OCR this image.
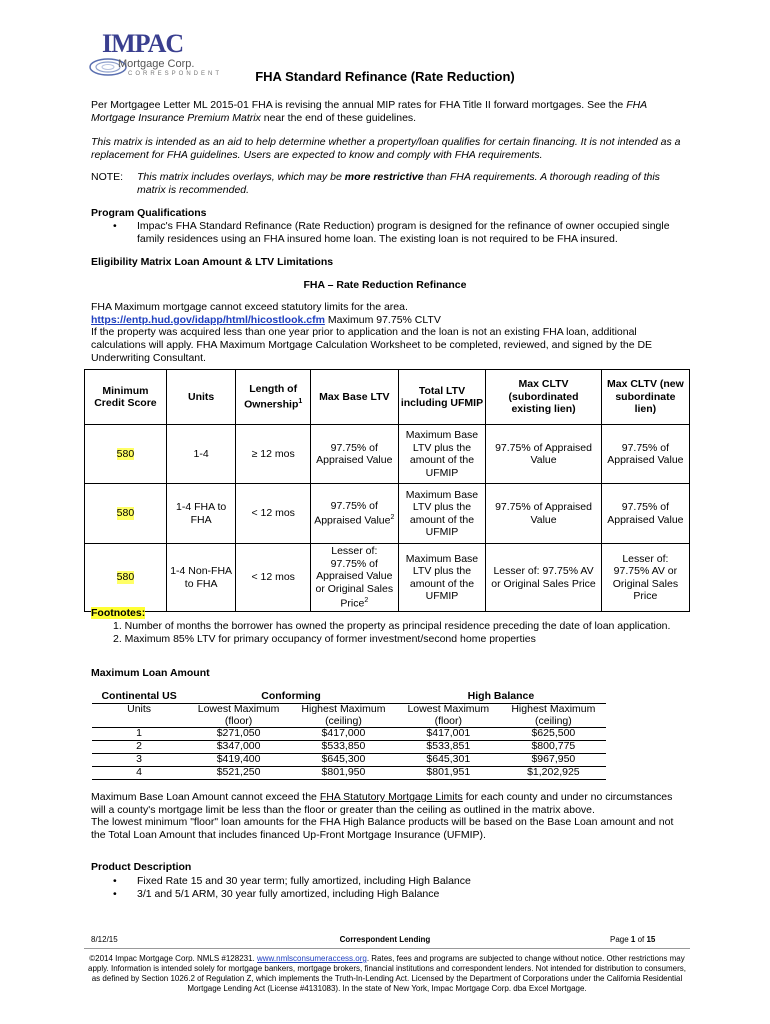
IMPAC
Mortgage Corp.
CORRESPONDENT	FHA Standard Refinance (Rate Reduction)
Per Mortgagee Letter ML 2015-01 FHA is revising the annual MIP rates for FHA Title II forward mortgages. See the FHA Mortgage Insurance Premium Matrix near the end of these guidelines.
This matrix is intended as an aid to help determine whether a property/loan qualifies for certain financing. It is not intended as a replacement for FHA guidelines. Users are expected to know and comply with FHA requirements.
NOTE: This matrix includes overlays, which may be more restrictive than FHA requirements. A thorough reading of this matrix is recommended.
Program Qualifications
• Impac's FHA Standard Refinance (Rate Reduction) program is designed for the refinance of owner occupied single family residences using an FHA insured home loan. The existing loan is not required to be FHA insured.
Eligibility Matrix Loan Amount & LTV Limitations
FHA – Rate Reduction Refinance
FHA Maximum mortgage cannot exceed statutory limits for the area.
https://entp.hud.gov/idapp/html/hicostlook.cfm Maximum 97.75% CLTV
If the property was acquired less than one year prior to application and the loan is not an existing FHA loan, additional calculations will apply. FHA Maximum Mortgage Calculation Worksheet to be completed, reviewed, and signed by the DE Underwriting Consultant.
Minimum Credit Score	Units	Length of Ownership$^1$	Max Base LTV	Total LTV including UFMIP	Max CLTV (subordinated existing lien)	Max CLTV (new subordinate lien)
580	1-4	≥ 12 mos	97.75% of Appraised Value	Maximum Base LTV plus the amount of the UFMIP	97.75% of Appraised Value	97.75% of Appraised Value
580	1-4 FHA to FHA	< 12 mos	97.75% of Appraised Value$^2$	Maximum Base LTV plus the amount of the UFMIP	97.75% of Appraised Value	97.75% of Appraised Value
580	1-4 Non-FHA to FHA	< 12 mos	Lesser of: 97.75% of Appraised Value or Original Sales Price$^2$	Maximum Base LTV plus the amount of the UFMIP	Lesser of: 97.75% AV or Original Sales Price	Lesser of: 97.75% AV or Original Sales Price
Footnotes:
1. Number of months the borrower has owned the property as principal residence preceding the date of loan application.
2. Maximum 85% LTV for primary occupancy of former investment/second home properties
Maximum Loan Amount
Continental US	Conforming		High Balance	
Units	Lowest Maximum (floor)	Highest Maximum (ceiling)	Lowest Maximum (floor)	Highest Maximum (ceiling)
1	$271,050	$417,000	$417,001	$625,500
2	$347,000	$533,850	$533,851	$800,775
3	$419,400	$645,300	$645,301	$967,950
4	$521,250	$801,950	$801,951	$1,202,925
Maximum Base Loan Amount cannot exceed the FHA Statutory Mortgage Limits for each county and under no circumstances will a county's mortgage limit be less than the floor or greater than the ceiling as outlined in the matrix above.
The lowest minimum "floor" loan amounts for the FHA High Balance products will be based on the Base Loan amount and not the Total Loan Amount that includes financed Up-Front Mortgage Insurance (UFMIP).
Product Description
• Fixed Rate 15 and 30 year term; fully amortized, including High Balance
• 3/1 and 5/1 ARM, 30 year fully amortized, including High Balance
8/12/15	Correspondent Lending	Page 1 of 15
©2014 Impac Mortgage Corp. NMLS #128231. www.nmlsconsumeraccess.org. Rates, fees and programs are subjected to change without notice. Other restrictions may apply. Information is intended solely for mortgage bankers, mortgage brokers, financial institutions and correspondent lenders. Not intended for distribution to consumers, as defined by Section 1026.2 of Regulation Z, which implements the Truth-In-Lending Act. Licensed by the Department of Corporations under the California Residential Mortgage Lending Act (License #4131083). In the state of New York, Impac Mortgage Corp. dba Excel Mortgage.
